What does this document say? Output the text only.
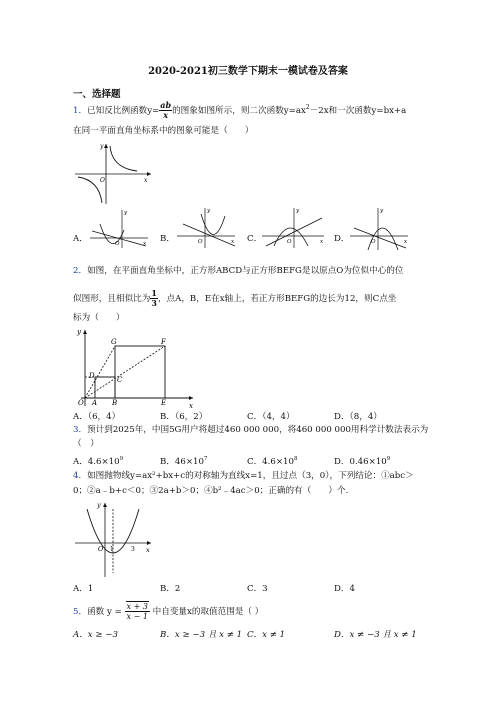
2020-2021初三数学下期末一模试卷及答案
一、选择题
1．已知反比例函数$y= \frac{ab}{x}$ 的图象如图所示，则二次函数$y=ax^2-2x$和一次函数y=bx+a
在同一平面直角坐标系中的图象可能是（　　）
y
x
O
A．	O	x
y
B．	O	x
y
C．	O	x
y
D．	O	x
y
2．如图，在平面直角坐标中，正方形ABCD与正方形BEFG是以原点O为位似中心的位
似图形，且相似比为 $\frac{1}{3}$ ，点A，B，E在x轴上，若正方形BEFG的边长为12，则C点坐
标为（　　）
y
x
O A B
C
D
E
F
G
A．（6，4）	B．（6，2）	C．（4，4）	D．（8，4）
3．预计到2025年，中国5G用户将超过460 000 000，将460 000 000用科学计数法表示为
（　）
A．$4.6\times 10^9$	B．$46\times 10^7$	C．$4.6\times 10^8$	D．$0.46\times 10^9$
4．如图抛物线y=ax²+bx+c的对称轴为直线x=1，且过点（3，0），下列结论：①abc＞
0；②a﹣b+c＜0；③2a+b＞0；④b²﹣4ac＞0；正确的有（　　）个.
y
x
O 1	3
A．1	B．2	C．3	D．4
5．函数 $y = \frac{x + 3}{x - 1}$ 中自变量x的取值范围是（ ）
A．x ≥ −3	B．x ≥ −3 且 x ≠ 1 C．x ≠ 1	D．x ≠ −3 且 x ≠ 1
